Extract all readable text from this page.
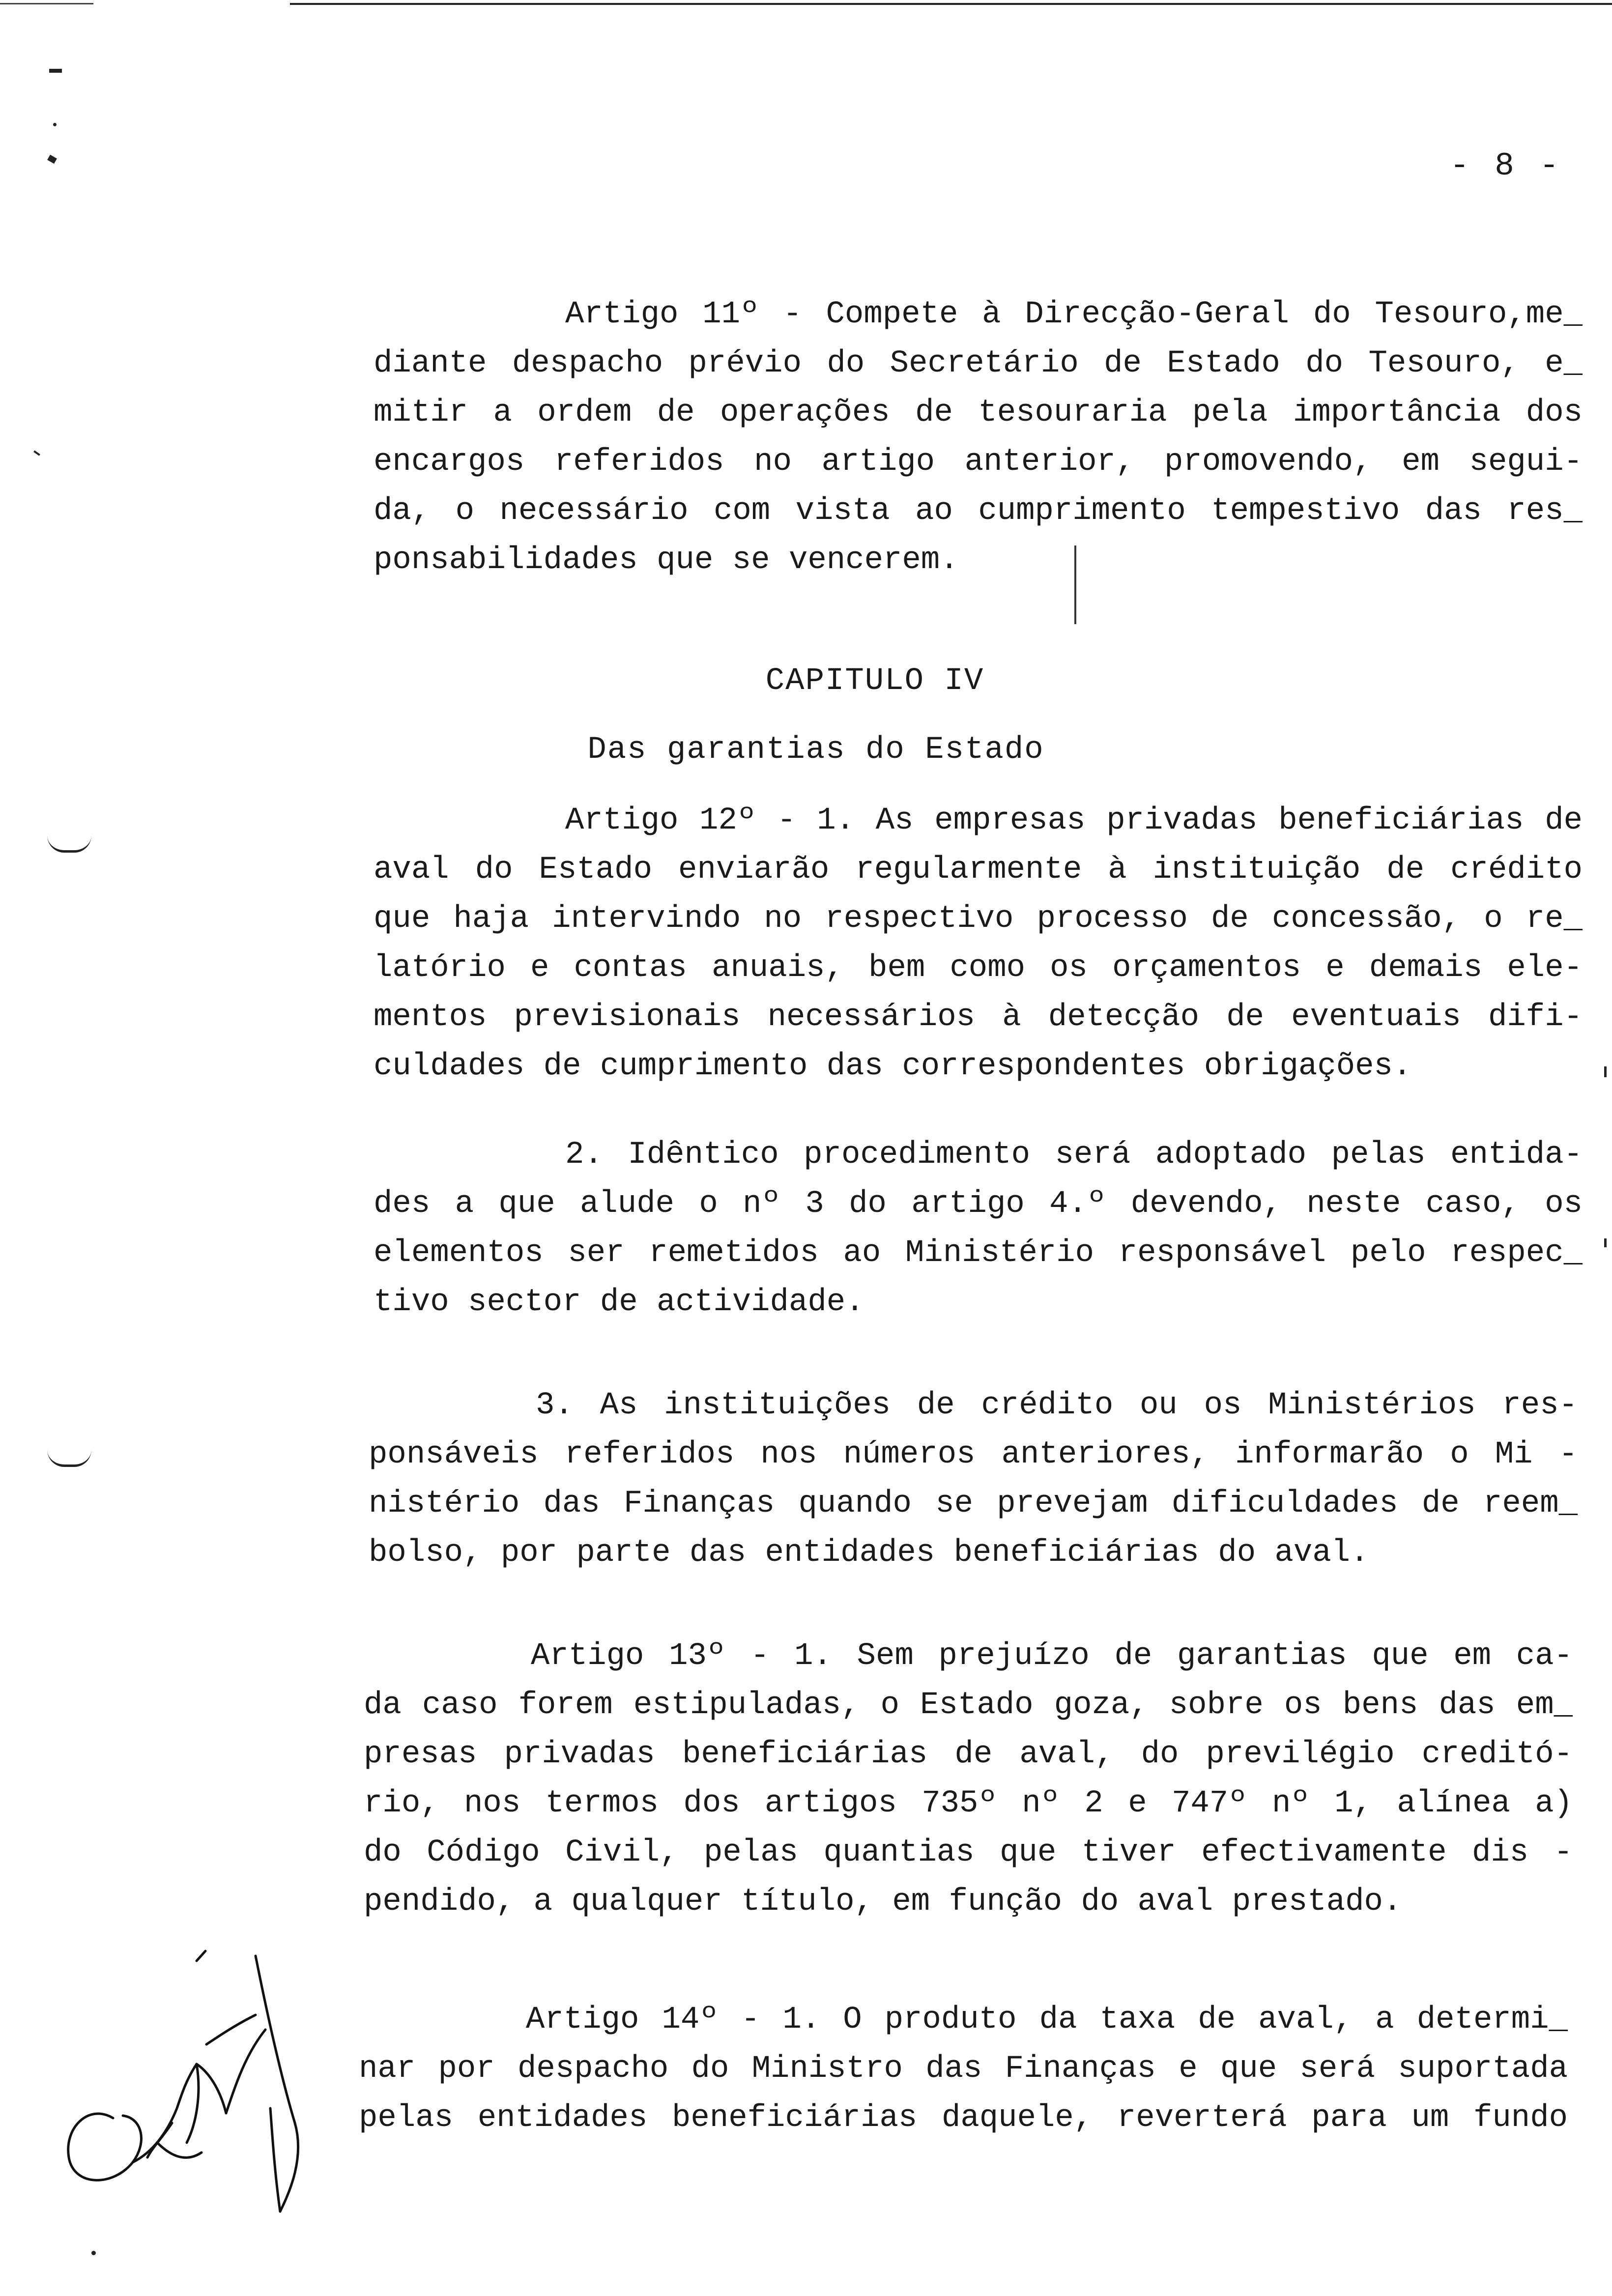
- 8 -
Artigo 11º - Compete à Direcção-Geral do Tesouro,me_
diante despacho prévio do Secretário de Estado do Tesouro, e_
mitir a ordem de operações de tesouraria pela importância dos
encargos referidos no artigo anterior, promovendo, em segui-
da, o necessário com vista ao cumprimento tempestivo das res_
ponsabilidades que se vencerem.
CAPITULO IV
Das garantias do Estado
Artigo 12º - 1. As empresas privadas beneficiárias de
aval do Estado enviarão regularmente à instituição de crédito
que haja intervindo no respectivo processo de concessão, o re_
latório e contas anuais, bem como os orçamentos e demais ele-
mentos previsionais necessários à detecção de eventuais difi-
culdades de cumprimento das correspondentes obrigações.
2. Idêntico procedimento será adoptado pelas entida-
des a que alude o nº 3 do artigo 4.º devendo, neste caso, os
elementos ser remetidos ao Ministério responsável pelo respec_
tivo sector de actividade.
3. As instituições de crédito ou os Ministérios res-
ponsáveis referidos nos números anteriores, informarão o Mi -
nistério das Finanças quando se prevejam dificuldades de reem_
bolso, por parte das entidades beneficiárias do aval.
Artigo 13º - 1. Sem prejuízo de garantias que em ca-
da caso forem estipuladas, o Estado goza, sobre os bens das em_
presas privadas beneficiárias de aval, do previlégio creditó-
rio, nos termos dos artigos 735º nº 2 e 747º nº 1, alínea a)
do Código Civil, pelas quantias que tiver efectivamente dis -
pendido, a qualquer título, em função do aval prestado.
Artigo 14º - 1. O produto da taxa de aval, a determi_
nar por despacho do Ministro das Finanças e que será suportada
pelas entidades beneficiárias daquele, reverterá para um fundo
